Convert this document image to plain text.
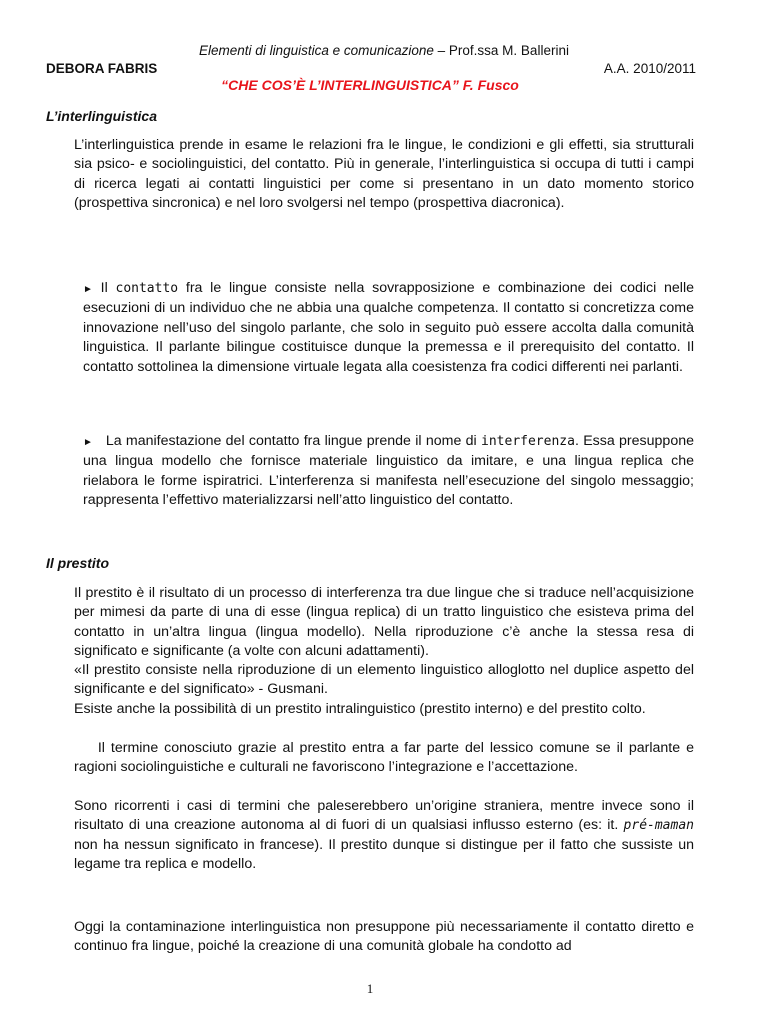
Elementi di linguistica e comunicazione – Prof.ssa M. Ballerini
DEBORA FABRIS	A.A. 2010/2011
“CHE COS’È L’INTERLINGUISTICA” F. Fusco
L’interlinguistica
L’interlinguistica prende in esame le relazioni fra le lingue, le condizioni e gli effetti, sia strutturali sia psico- e sociolinguistici, del contatto. Più in generale, l’interlinguistica si occupa di tutti i campi di ricerca legati ai contatti linguistici per come si presentano in un dato momento storico (prospettiva sincronica) e nel loro svolgersi nel tempo (prospettiva diacronica).
► Il contatto fra le lingue consiste nella sovrapposizione e combinazione dei codici nelle esecuzioni di un individuo che ne abbia una qualche competenza. Il contatto si concretizza come innovazione nell’uso del singolo parlante, che solo in seguito può essere accolta dalla comunità linguistica. Il parlante bilingue costituisce dunque la premessa e il prerequisito del contatto. Il contatto sottolinea la dimensione virtuale legata alla coesistenza fra codici differenti nei parlanti.
►   La manifestazione del contatto fra lingue prende il nome di interferenza. Essa presuppone una lingua modello che fornisce materiale linguistico da imitare, e una lingua replica che rielabora le forme ispiratrici. L’interferenza si manifesta nell’esecuzione del singolo messaggio; rappresenta l’effettivo materializzarsi nell’atto linguistico del contatto.
Il prestito
Il prestito è il risultato di un processo di interferenza tra due lingue che si traduce nell’acquisizione per mimesi da parte di una di esse (lingua replica) di un tratto linguistico che esisteva prima del contatto in un’altra lingua (lingua modello). Nella riproduzione c’è anche la stessa resa di significato e significante (a volte con alcuni adattamenti).
«Il prestito consiste nella riproduzione di un elemento linguistico alloglotto nel duplice aspetto del significante e del significato» - Gusmani.
Esiste anche la possibilità di un prestito intralinguistico (prestito interno) e del prestito colto.
Il termine conosciuto grazie al prestito entra a far parte del lessico comune se il parlante e ragioni sociolinguistiche e culturali ne favoriscono l’integrazione e l’accettazione.
Sono ricorrenti i casi di termini che paleserebbero un’origine straniera, mentre invece sono il risultato di una creazione autonoma al di fuori di un qualsiasi influsso esterno (es: it. pré-maman non ha nessun significato in francese). Il prestito dunque si distingue per il fatto che sussiste un legame tra replica e modello.
Oggi la contaminazione interlinguistica non presuppone più necessariamente il contatto diretto e continuo fra lingue, poiché la creazione di una comunità globale ha condotto ad
1
